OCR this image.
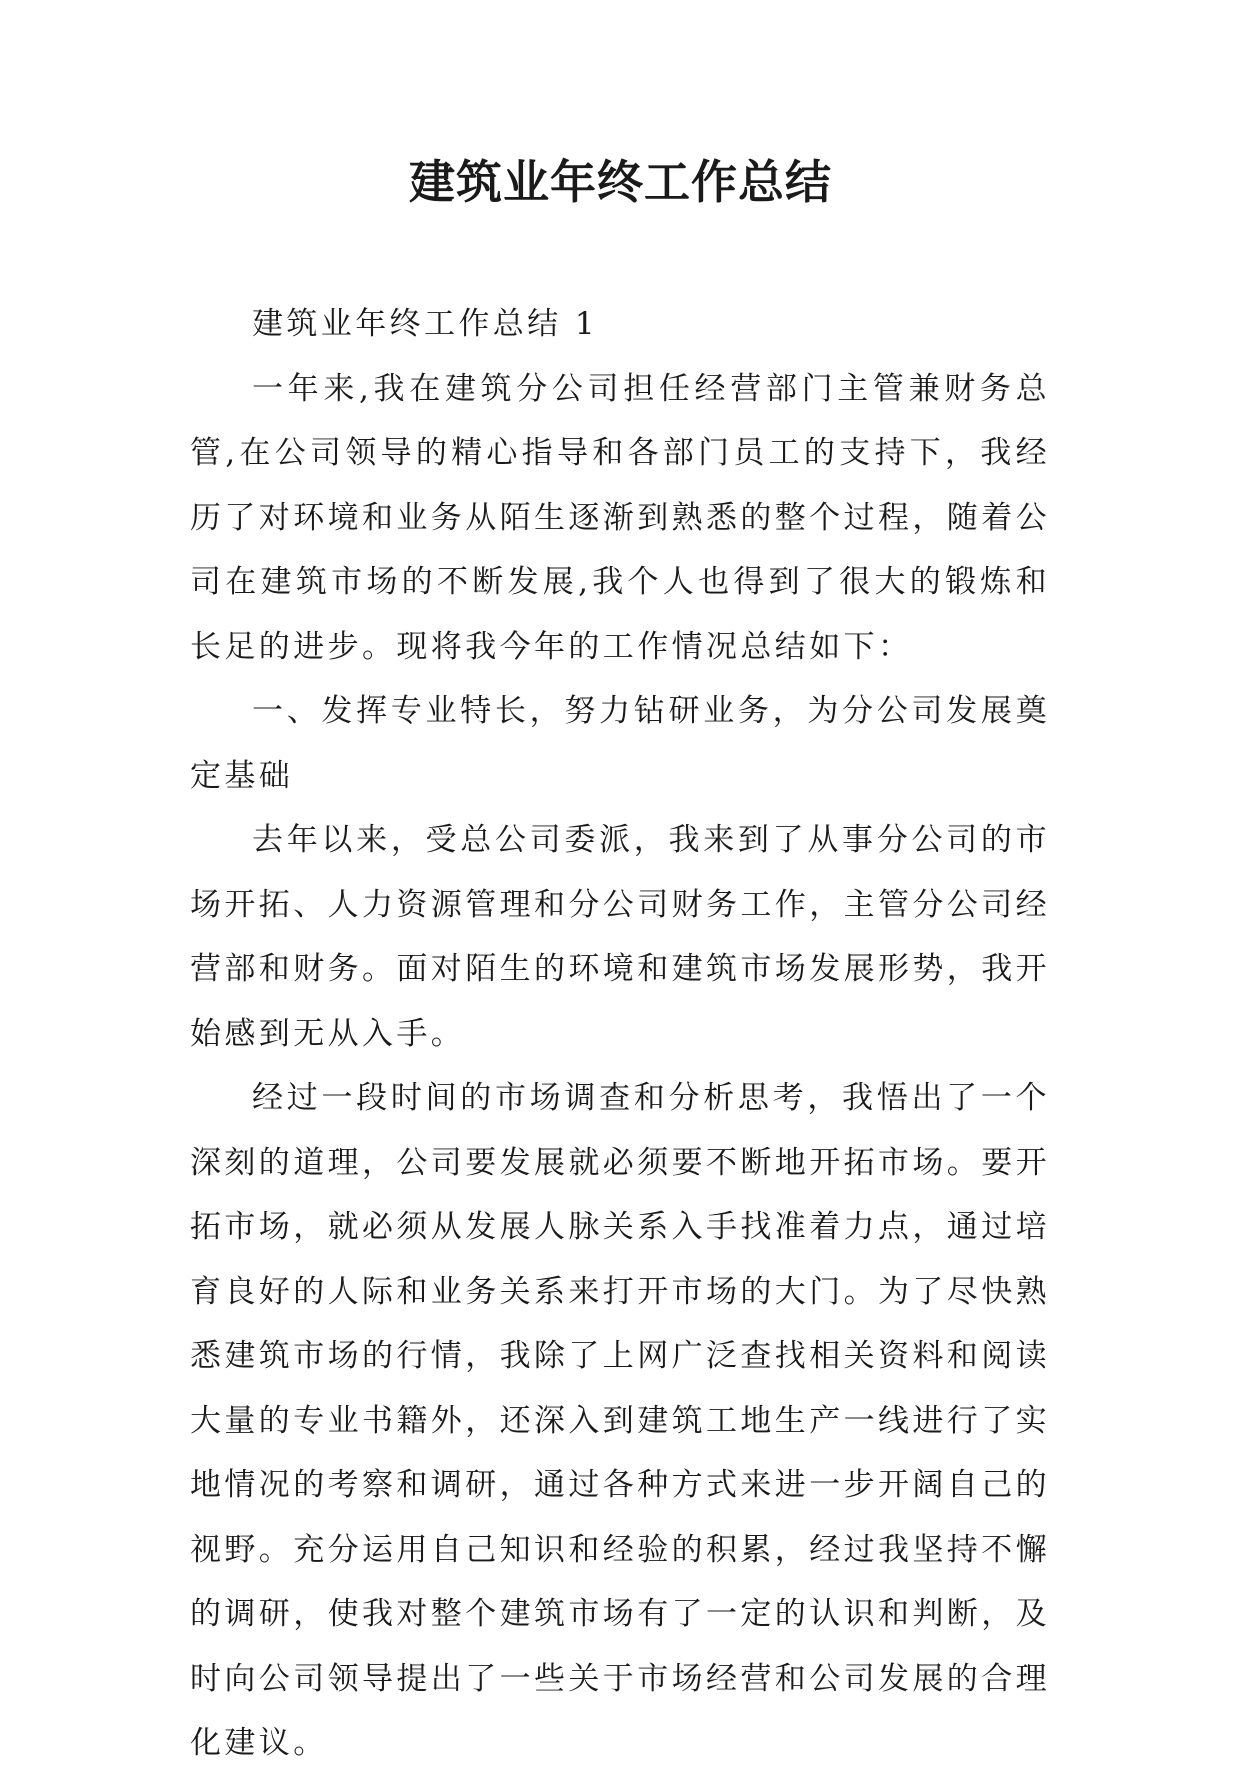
建筑业年终工作总结

建筑业年终工作总结 1

一年来,我在建筑分公司担任经营部门主管兼财务总管,在公司领导的精心指导和各部门员工的支持下，我经历了对环境和业务从陌生逐渐到熟悉的整个过程，随着公司在建筑市场的不断发展,我个人也得到了很大的锻炼和长足的进步。现将我今年的工作情况总结如下：

一、发挥专业特长，努力钻研业务，为分公司发展奠定基础

去年以来，受总公司委派，我来到了从事分公司的市场开拓、人力资源管理和分公司财务工作，主管分公司经营部和财务。面对陌生的环境和建筑市场发展形势，我开始感到无从入手。

经过一段时间的市场调查和分析思考，我悟出了一个深刻的道理，公司要发展就必须要不断地开拓市场。要开拓市场，就必须从发展人脉关系入手找准着力点，通过培育良好的人际和业务关系来打开市场的大门。为了尽快熟悉建筑市场的行情，我除了上网广泛查找相关资料和阅读大量的专业书籍外，还深入到建筑工地生产一线进行了实地情况的考察和调研，通过各种方式来进一步开阔自己的视野。充分运用自己知识和经验的积累，经过我坚持不懈的调研，使我对整个建筑市场有了一定的认识和判断，及时向公司领导提出了一些关于市场经营和公司发展的合理化建议。
